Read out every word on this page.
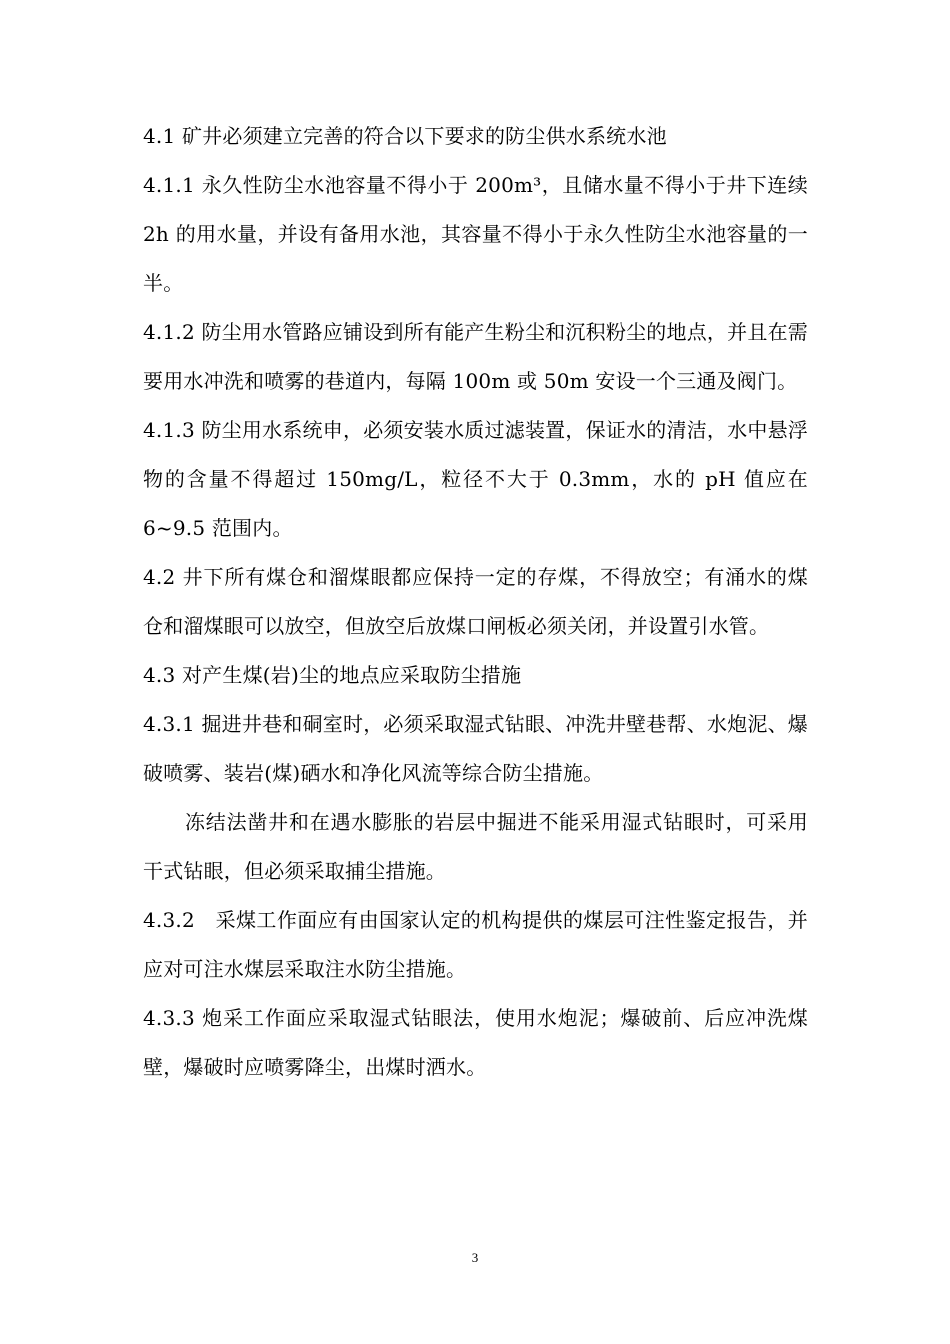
4.1 矿井必须建立完善的符合以下要求的防尘供水系统水池

4.1.1 永久性防尘水池容量不得小于 200m³，且储水量不得小于井下连续 2h 的用水量，并设有备用水池，其容量不得小于永久性防尘水池容量的一半。

4.1.2 防尘用水管路应铺设到所有能产生粉尘和沉积粉尘的地点，并且在需要用水冲洗和喷雾的巷道内，每隔 100m 或 50m 安设一个三通及阀门。

4.1.3 防尘用水系统申，必须安装水质过滤装置，保证水的清洁，水中悬浮物的含量不得超过 150mg/L，粒径不大于 0.3mm，水的 pH 值应在 6~9.5 范围内。

4.2 井下所有煤仓和溜煤眼都应保持一定的存煤，不得放空；有涌水的煤仓和溜煤眼可以放空，但放空后放煤口闸板必须关闭，并设置引水管。

4.3 对产生煤(岩)尘的地点应采取防尘措施

4.3.1 掘进井巷和硐室时，必须采取湿式钻眼、冲洗井壁巷帮、水炮泥、爆破喷雾、装岩(煤)硒水和净化风流等综合防尘措施。

冻结法凿井和在遇水膨胀的岩层中掘进不能采用湿式钻眼时，可采用干式钻眼，但必须采取捕尘措施。

4.3.2　采煤工作面应有由国家认定的机构提供的煤层可注性鉴定报告，并应对可注水煤层采取注水防尘措施。

4.3.3 炮采工作面应采取湿式钻眼法，使用水炮泥；爆破前、后应冲洗煤壁，爆破时应喷雾降尘，出煤时洒水。

3
